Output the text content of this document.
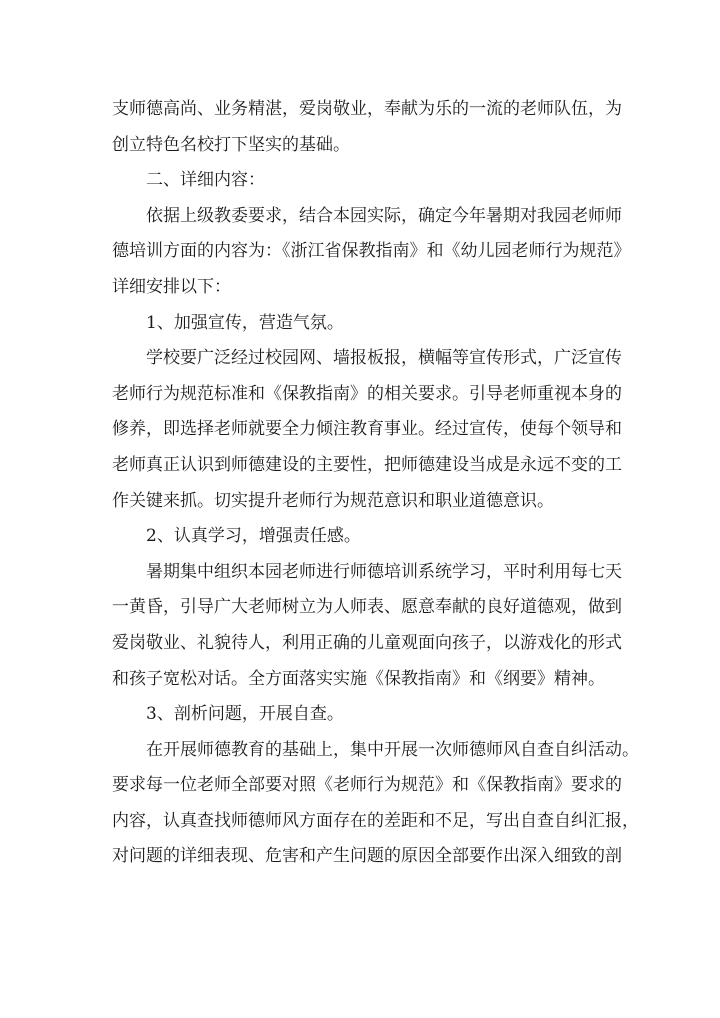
支师德高尚、业务精湛，爱岗敬业，奉献为乐的一流的老师队伍，为
创立特色名校打下坚实的基础。
二、详细内容：
依据上级教委要求，结合本园实际，确定今年暑期对我园老师师
德培训方面的内容为：《浙江省保教指南》和《幼儿园老师行为规范》
详细安排以下：
1、加强宣传，营造气氛。
学校要广泛经过校园网、墙报板报，横幅等宣传形式，广泛宣传
老师行为规范标准和《保教指南》的相关要求。引导老师重视本身的
修养，即选择老师就要全力倾注教育事业。经过宣传，使每个领导和
老师真正认识到师德建设的主要性，把师德建设当成是永远不变的工
作关键来抓。切实提升老师行为规范意识和职业道德意识。
2、认真学习，增强责任感。
暑期集中组织本园老师进行师德培训系统学习，平时利用每七天
一黄昏，引导广大老师树立为人师表、愿意奉献的良好道德观，做到
爱岗敬业、礼貌待人，利用正确的儿童观面向孩子，以游戏化的形式
和孩子宽松对话。全方面落实实施《保教指南》和《纲要》精神。
3、剖析问题，开展自查。
在开展师德教育的基础上，集中开展一次师德师风自查自纠活动。
要求每一位老师全部要对照《老师行为规范》和《保教指南》要求的
内容，认真查找师德师风方面存在的差距和不足，写出自查自纠汇报，
对问题的详细表现、危害和产生问题的原因全部要作出深入细致的剖
